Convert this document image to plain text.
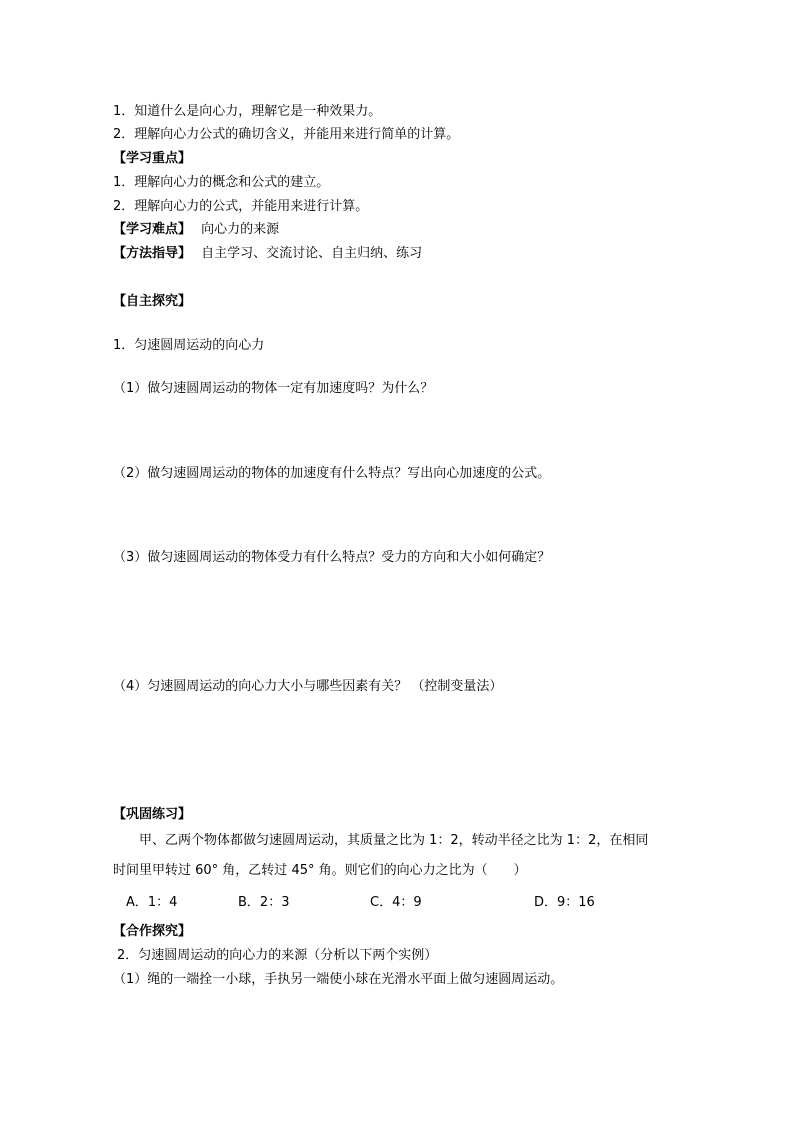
1．知道什么是向心力，理解它是一种效果力。
2．理解向心力公式的确切含义，并能用来进行简单的计算。
【学习重点】
1．理解向心力的概念和公式的建立。
2．理解向心力的公式，并能用来进行计算。
【学习难点】 向心力的来源
【方法指导】 自主学习、交流讨论、自主归纳、练习
【自主探究】
1．匀速圆周运动的向心力
（1）做匀速圆周运动的物体一定有加速度吗？为什么？
（2）做匀速圆周运动的物体的加速度有什么特点？写出向心加速度的公式。
（3）做匀速圆周运动的物体受力有什么特点？受力的方向和大小如何确定？
（4）匀速圆周运动的向心力大小与哪些因素有关？ （控制变量法）
【巩固练习】
甲、乙两个物体都做匀速圆周运动，其质量之比为 1：2，转动半径之比为 1：2，在相同
时间里甲转过 60° 角，乙转过 45° 角。则它们的向心力之比为（　　）
A．1：4	B．2：3	C．4：9	D．9：16
【合作探究】
2．匀速圆周运动的向心力的来源（分析以下两个实例）
（1）绳的一端拴一小球，手执另一端使小球在光滑水平面上做匀速圆周运动。
